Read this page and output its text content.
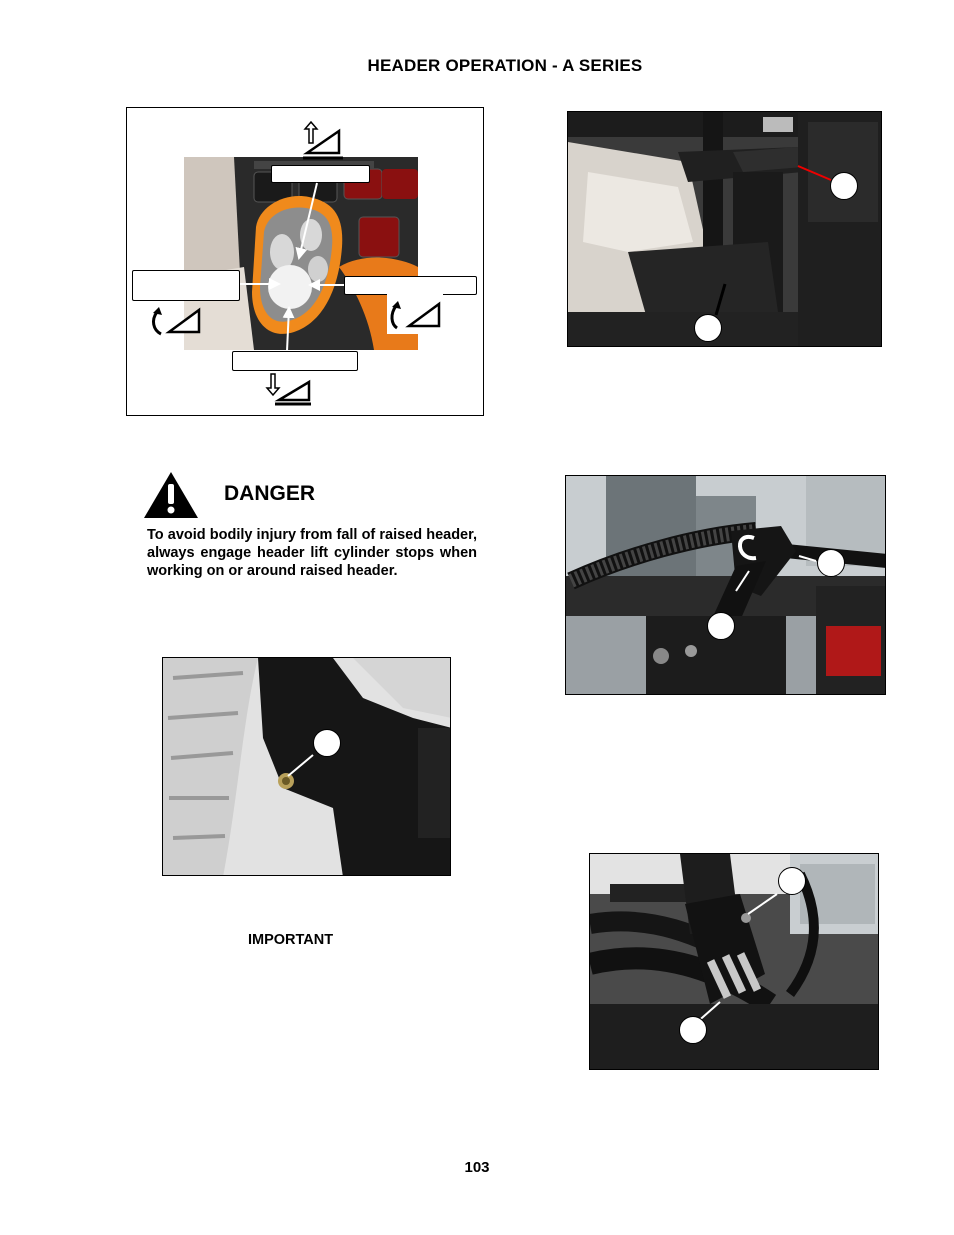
HEADER OPERATION - A SERIES
DANGER
To avoid bodily injury from fall of raised header, always engage header lift cylinder stops when working on or around raised header.
IMPORTANT
103
